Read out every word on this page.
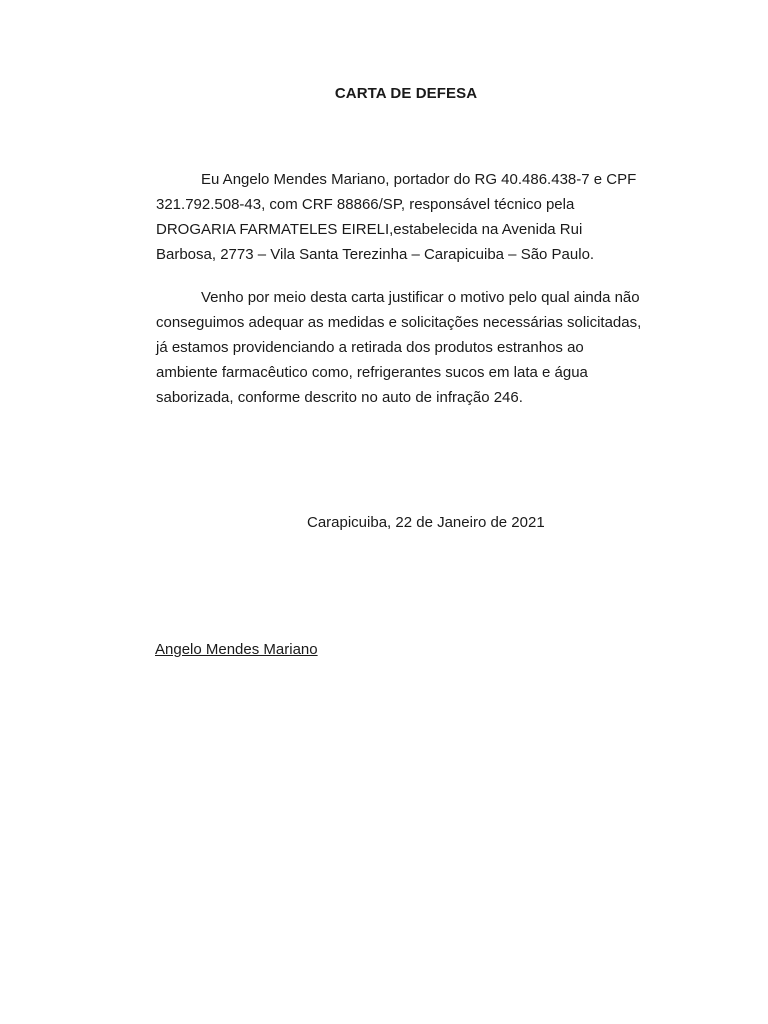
CARTA DE DEFESA
Eu Angelo Mendes Mariano, portador do RG 40.486.438-7 e CPF
321.792.508-43, com CRF 88866/SP, responsável técnico pela
DROGARIA FARMATELES EIRELI,estabelecida na Avenida Rui
Barbosa, 2773 – Vila Santa Terezinha – Carapicuiba – São Paulo.
Venho por meio desta carta justificar o motivo pelo qual ainda não
conseguimos adequar as medidas e solicitações necessárias solicitadas,
já estamos providenciando a retirada dos produtos estranhos ao
ambiente farmacêutico como, refrigerantes sucos em lata e água
saborizada, conforme descrito no auto de infração 246.
Carapicuiba, 22 de Janeiro de 2021
Angelo Mendes Mariano
